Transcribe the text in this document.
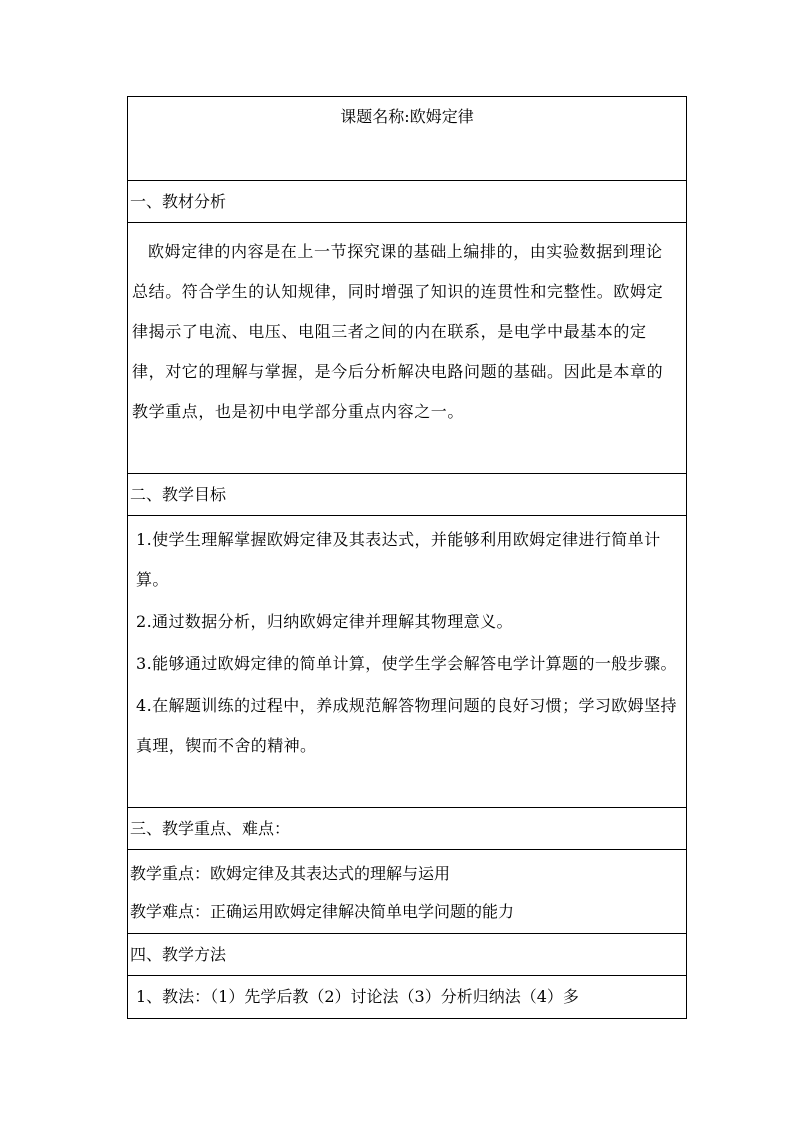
课题名称:欧姆定律
一、教材分析
欧姆定律的内容是在上一节探究课的基础上编排的，由实验数据到理论总结。符合学生的认知规律，同时增强了知识的连贯性和完整性。欧姆定律揭示了电流、电压、电阻三者之间的内在联系，是电学中最基本的定律，对它的理解与掌握，是今后分析解决电路问题的基础。因此是本章的教学重点，也是初中电学部分重点内容之一。
二、教学目标
1.使学生理解掌握欧姆定律及其表达式，并能够利用欧姆定律进行简单计算。
2.通过数据分析，归纳欧姆定律并理解其物理意义。
3.能够通过欧姆定律的简单计算，使学生学会解答电学计算题的一般步骤。
4.在解题训练的过程中，养成规范解答物理问题的良好习惯；学习欧姆坚持真理，锲而不舍的精神。
三、教学重点、难点：
教学重点：欧姆定律及其表达式的理解与运用
教学难点：正确运用欧姆定律解决简单电学问题的能力
四、教学方法
1、教法：（1）先学后教（2）讨论法（3）分析归纳法（4）多
